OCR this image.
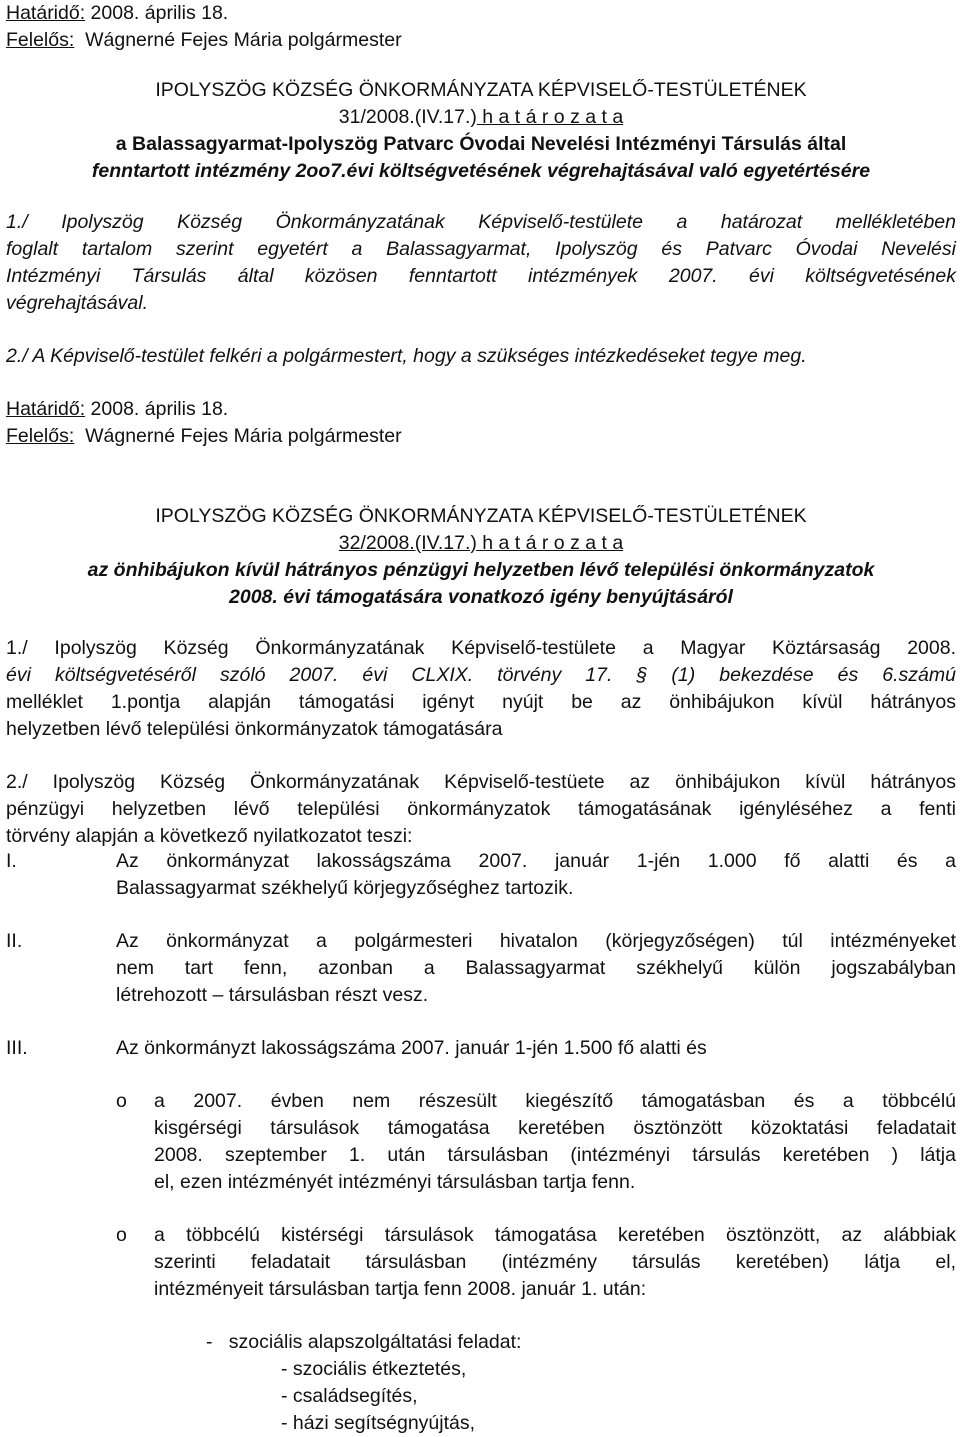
Határidő: 2008. április 18.
Felelős:  Wágnerné Fejes Mária polgármester
IPOLYSZÖG KÖZSÉG ÖNKORMÁNYZATA KÉPVISELŐ-TESTÜLETÉNEK
31/2008.(IV.17.) h a t á r o z a t a
a Balassagyarmat-Ipolyszög Patvarc Óvodai Nevelési Intézményi Társulás által
fenntartott intézmény 2oo7.évi költségvetésének végrehajtásával való egyetértésére
1./ Ipolyszög Község Önkormányzatának Képviselő-testülete a határozat mellékletében
foglalt tartalom szerint egyetért a Balassagyarmat, Ipolyszög és Patvarc Óvodai Nevelési
Intézményi Társulás által közösen fenntartott intézmények 2007. évi költségvetésének
végrehajtásával.
2./ A Képviselő-testület felkéri a polgármestert, hogy a szükséges intézkedéseket tegye meg.
Határidő: 2008. április 18.
Felelős:  Wágnerné Fejes Mária polgármester
IPOLYSZÖG KÖZSÉG ÖNKORMÁNYZATA KÉPVISELŐ-TESTÜLETÉNEK
32/2008.(IV.17.) h a t á r o z a t a
az önhibájukon kívül hátrányos pénzügyi helyzetben lévő települési önkormányzatok
2008. évi támogatására vonatkozó igény benyújtásáról
1./ Ipolyszög Község Önkormányzatának Képviselő-testülete a Magyar Köztársaság 2008.
évi költségvetéséről szóló 2007. évi CLXIX. törvény 17. § (1) bekezdése és 6.számú
melléklet 1.pontja alapján támogatási igényt nyújt be az önhibájukon kívül hátrányos
helyzetben lévő települési önkormányzatok támogatására
2./ Ipolyszög Község Önkormányzatának Képviselő-testüete az önhibájukon kívül hátrányos
pénzügyi helyzetben lévő települési önkormányzatok támogatásának igényléséhez a fenti
törvény alapján a következő nyilatkozatot teszi:
I.	Az önkormányzat lakosságszáma 2007. január 1-jén 1.000 fő alatti és a
Balassagyarmat székhelyű körjegyzőséghez tartozik.
II.	Az önkormányzat a polgármesteri hivatalon (körjegyzőségen) túl intézményeket
nem tart fenn, azonban a Balassagyarmat székhelyű külön jogszabályban
létrehozott – társulásban részt vesz.
III.	Az önkormányzt lakosságszáma 2007. január 1-jén 1.500 fő alatti és
o	a 2007. évben nem részesült kiegészítő támogatásban és a többcélú
kisgérségi társulások támogatása keretében ösztönzött közoktatási feladatait
2008. szeptember 1. után társulásban (intézményi társulás keretében ) látja
el, ezen intézményét intézményi társulásban tartja fenn.
o	a többcélú kistérségi társulások támogatása keretében ösztönzött, az alábbiak
szerinti feladatait társulásban (intézmény társulás keretében) látja el,
intézményeit társulásban tartja fenn 2008. január 1. után:
-   szociális alapszolgáltatási feladat:
- szociális étkeztetés,
- családsegítés,
- házi segítségnyújtás,
